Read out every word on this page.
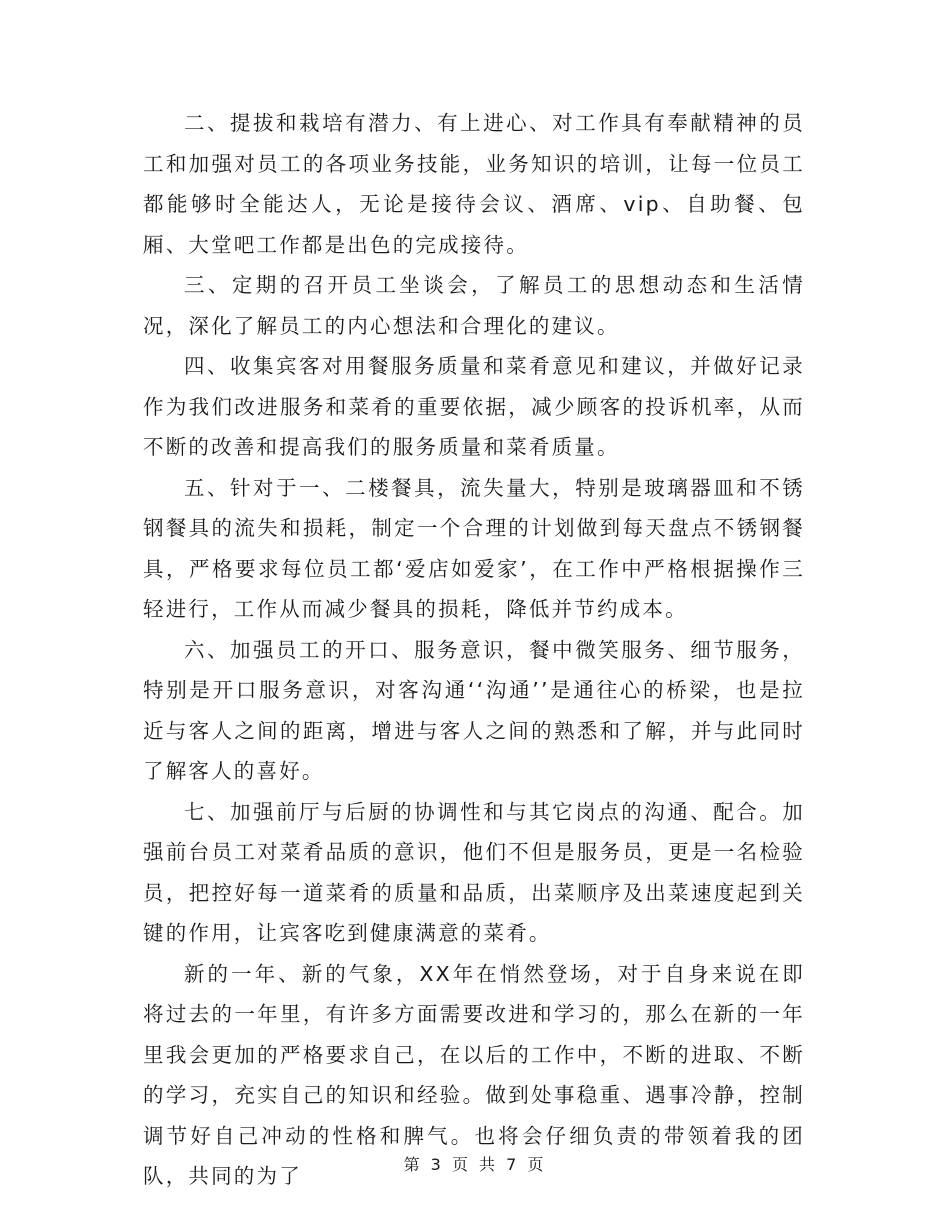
二、提拔和栽培有潜力、有上进心、对工作具有奉献精神的员工和加强对员工的各项业务技能，业务知识的培训，让每一位员工都能够时全能达人，无论是接待会议、酒席、vip、自助餐、包厢、大堂吧工作都是出色的完成接待。

三、定期的召开员工坐谈会，了解员工的思想动态和生活情况，深化了解员工的内心想法和合理化的建议。

四、收集宾客对用餐服务质量和菜肴意见和建议，并做好记录作为我们改进服务和菜肴的重要依据，减少顾客的投诉机率，从而不断的改善和提高我们的服务质量和菜肴质量。

五、针对于一、二楼餐具，流失量大，特别是玻璃器皿和不锈钢餐具的流失和损耗，制定一个合理的计划做到每天盘点不锈钢餐具，严格要求每位员工都‘爱店如爱家’，在工作中严格根据操作三轻进行，工作从而减少餐具的损耗，降低并节约成本。

六、加强员工的开口、服务意识，餐中微笑服务、细节服务，特别是开口服务意识，对客沟通‘‘沟通’’是通往心的桥梁，也是拉近与客人之间的距离，增进与客人之间的熟悉和了解，并与此同时了解客人的喜好。

七、加强前厅与后厨的协调性和与其它岗点的沟通、配合。加强前台员工对菜肴品质的意识，他们不但是服务员，更是一名检验员，把控好每一道菜肴的质量和品质，出菜顺序及出菜速度起到关键的作用，让宾客吃到健康满意的菜肴。

新的一年、新的气象，XX年在悄然登场，对于自身来说在即将过去的一年里，有许多方面需要改进和学习的，那么在新的一年里我会更加的严格要求自己，在以后的工作中，不断的进取、不断的学习，充实自己的知识和经验。做到处事稳重、遇事冷静，控制调节好自己冲动的性格和脾气。也将会仔细负责的带领着我的团队，共同的为了	第 3 页 共 7 页
